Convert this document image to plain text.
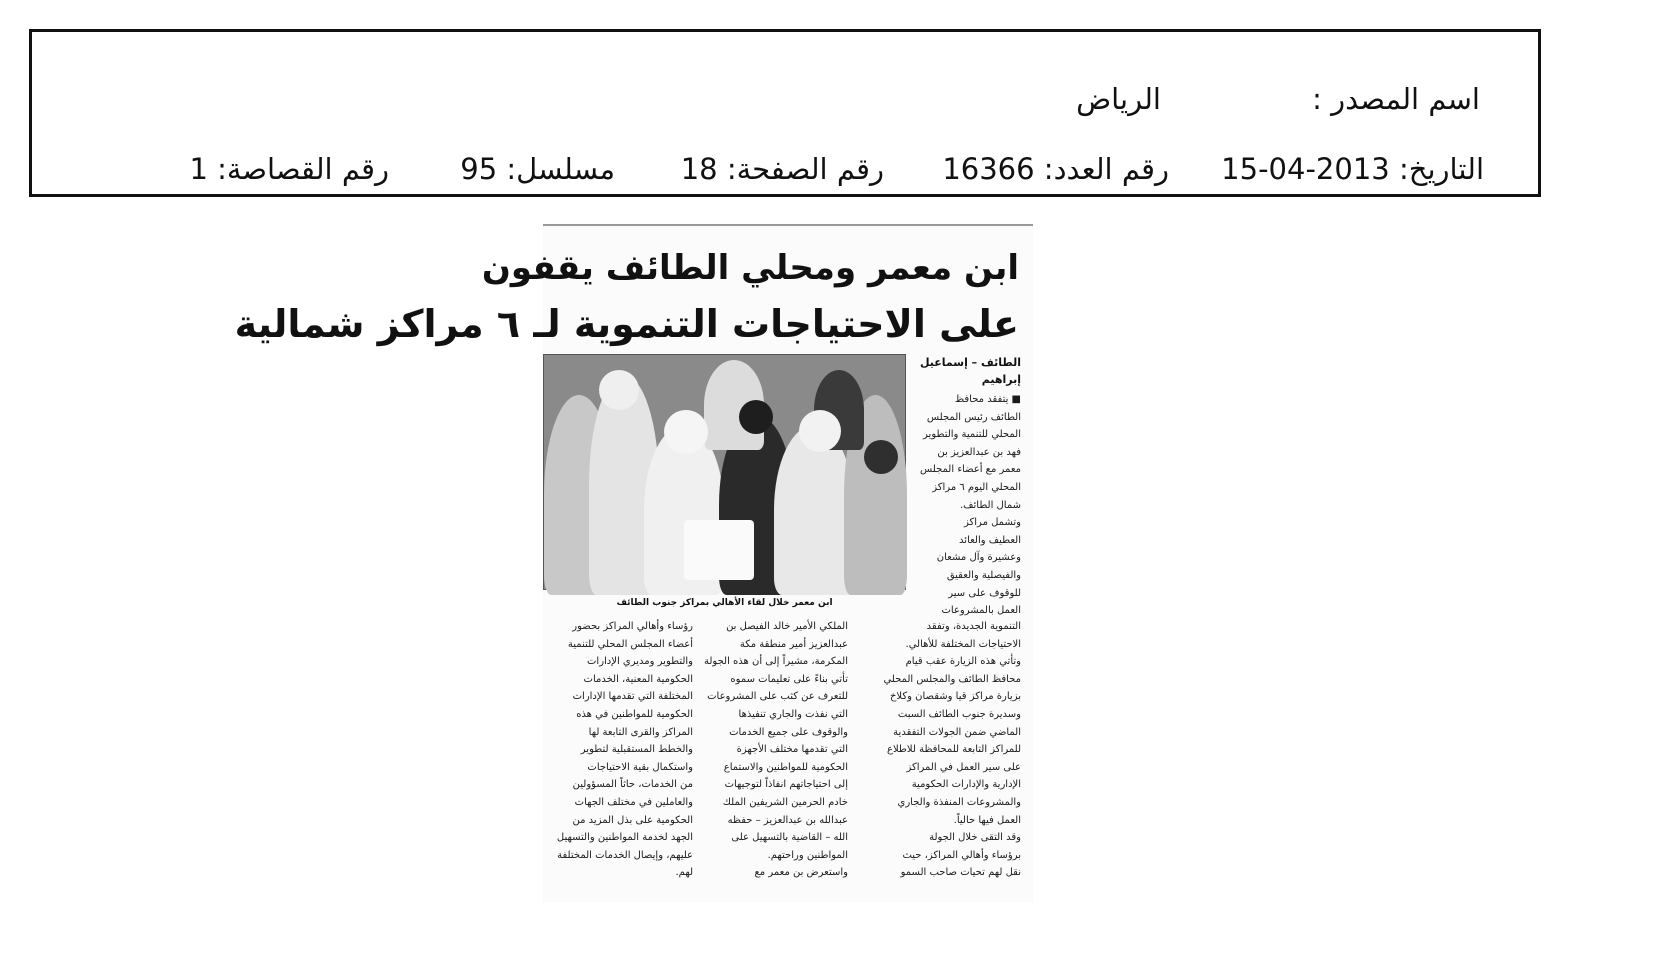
اسم المصدر :
الرياض
التاريخ: 2013-04-15
رقم العدد: 16366
رقم الصفحة: 18
مسلسل: 95
رقم القصاصة: 1
ابن معمر ومحلي الطائف يقفون
على الاحتياجات التنموية لـ ٦ مراكز شمالية
ابن معمر خلال لقاء الأهالي بمراكز جنوب الطائف
الطائف – إسماعيل إبراهيم
■ يتفقد محافظ
الطائف رئيس المجلس
المحلي للتنمية والتطوير
فهد بن عبدالعزيز بن
معمر مع أعضاء المجلس
المحلي اليوم ٦ مراكز
شمال الطائف.
وتشمل مراكز
العطيف والعائد
وعشيرة وآل مشعان
والفيصلية والعقيق
للوقوف على سير
العمل بالمشروعات
التنموية الجديدة، وتفقد
الاحتياجات المختلفة للأهالي.
وتأتي هذه الزيارة عقب قيام
محافظ الطائف والمجلس المحلي
بزيارة مراكز قيا وشقصان وكلاخ
وسديرة جنوب الطائف السبت
الماضي ضمن الجولات التفقدية
للمراكز التابعة للمحافظة للاطلاع
على سير العمل في المراكز
الإدارية والإدارات الحكومية
والمشروعات المنفذة والجاري
العمل فيها حالياً.
وقد التقى خلال الجولة
برؤساء وأهالي المراكز، حيث
نقل لهم تحيات صاحب السمو
الملكي الأمير خالد الفيصل بن
عبدالعزيز أمير منطقة مكة
المكرمة، مشيراً إلى أن هذه الجولة
تأتي بناءً على تعليمات سموه
للتعرف عن كثب على المشروعات
التي نفذت والجاري تنفيذها
والوقوف على جميع الخدمات
التي تقدمها مختلف الأجهزة
الحكومية للمواطنين والاستماع
إلى احتياجاتهم انفاذاً لتوجيهات
خادم الحرمين الشريفين الملك
عبدالله بن عبدالعزيز – حفظه
الله – القاضية بالتسهيل على
المواطنين وراحتهم.
واستعرض بن معمر مع
رؤساء وأهالي المراكز بحضور
أعضاء المجلس المحلي للتنمية
والتطوير ومديري الإدارات
الحكومية المعنية، الخدمات
المختلفة التي تقدمها الإدارات
الحكومية للمواطنين في هذه
المراكز والقرى التابعة لها
والخطط المستقبلية لتطوير
واستكمال بقية الاحتياجات
من الخدمات، حاثاً المسؤولين
والعاملين في مختلف الجهات
الحكومية على بذل المزيد من
الجهد لخدمة المواطنين والتسهيل
عليهم، وإيصال الخدمات المختلفة
لهم.
